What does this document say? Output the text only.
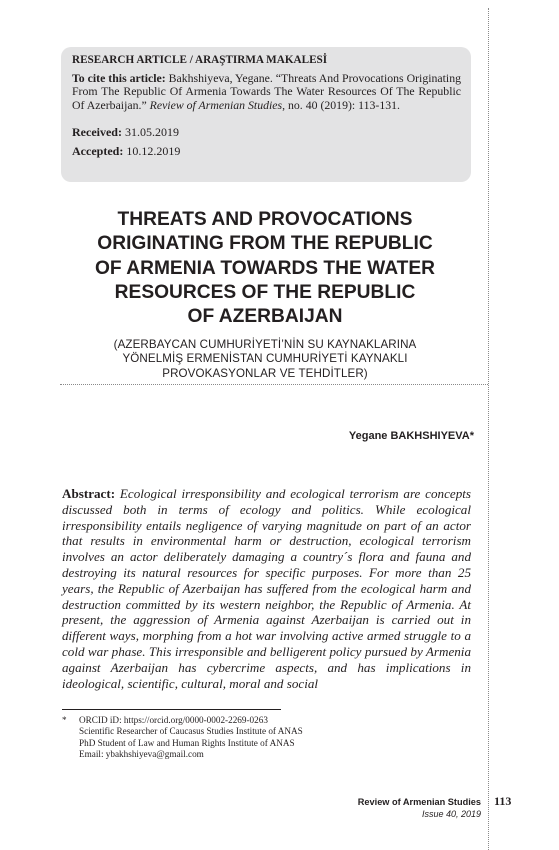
RESEARCH ARTICLE / ARAŞTIRMA MAKALESİ

To cite this article: Bakhshiyeva, Yegane. “Threats And Provocations Originating From The Republic Of Armenia Towards The Water Resources Of The Republic Of Azerbaijan.” Review of Armenian Studies, no. 40 (2019): 113-131.

Received: 31.05.2019
Accepted: 10.12.2019
THREATS AND PROVOCATIONS
ORIGINATING FROM THE REPUBLIC
OF ARMENIA TOWARDS THE WATER
RESOURCES OF THE REPUBLIC
OF AZERBAIJAN
(AZERBAYCAN CUMHURİYETİ’NİN SU KAYNAKLARINA
YÖNELMİŞ ERMENİSTAN CUMHURİYETİ KAYNAKLI
PROVOKASYONLAR VE TEHDİTLER)
Yegane BAKHSHIYEVA*

Abstract: Ecological irresponsibility and ecological terrorism are concepts discussed both in terms of ecology and politics. While ecological irresponsibility entails negligence of varying magnitude on part of an actor that results in environmental harm or destruction, ecological terrorism involves an actor deliberately damaging a country´s flora and fauna and destroying its natural resources for specific purposes. For more than 25 years, the Republic of Azerbaijan has suffered from the ecological harm and destruction committed by its western neighbor, the Republic of Armenia. At present, the aggression of Armenia against Azerbaijan is carried out in different ways, morphing from a hot war involving active armed struggle to a cold war phase. This irresponsible and belligerent policy pursued by Armenia against Azerbaijan has cybercrime aspects, and has implications in ideological, scientific, cultural, moral and social

* ORCID iD: https://orcid.org/0000-0002-2269-0263
Scientific Researcher of Caucasus Studies Institute of ANAS
PhD Student of Law and Human Rights Institute of ANAS
Email: ybakhshiyeva@gmail.com
Review of Armenian Studies
Issue 40, 2019
113
